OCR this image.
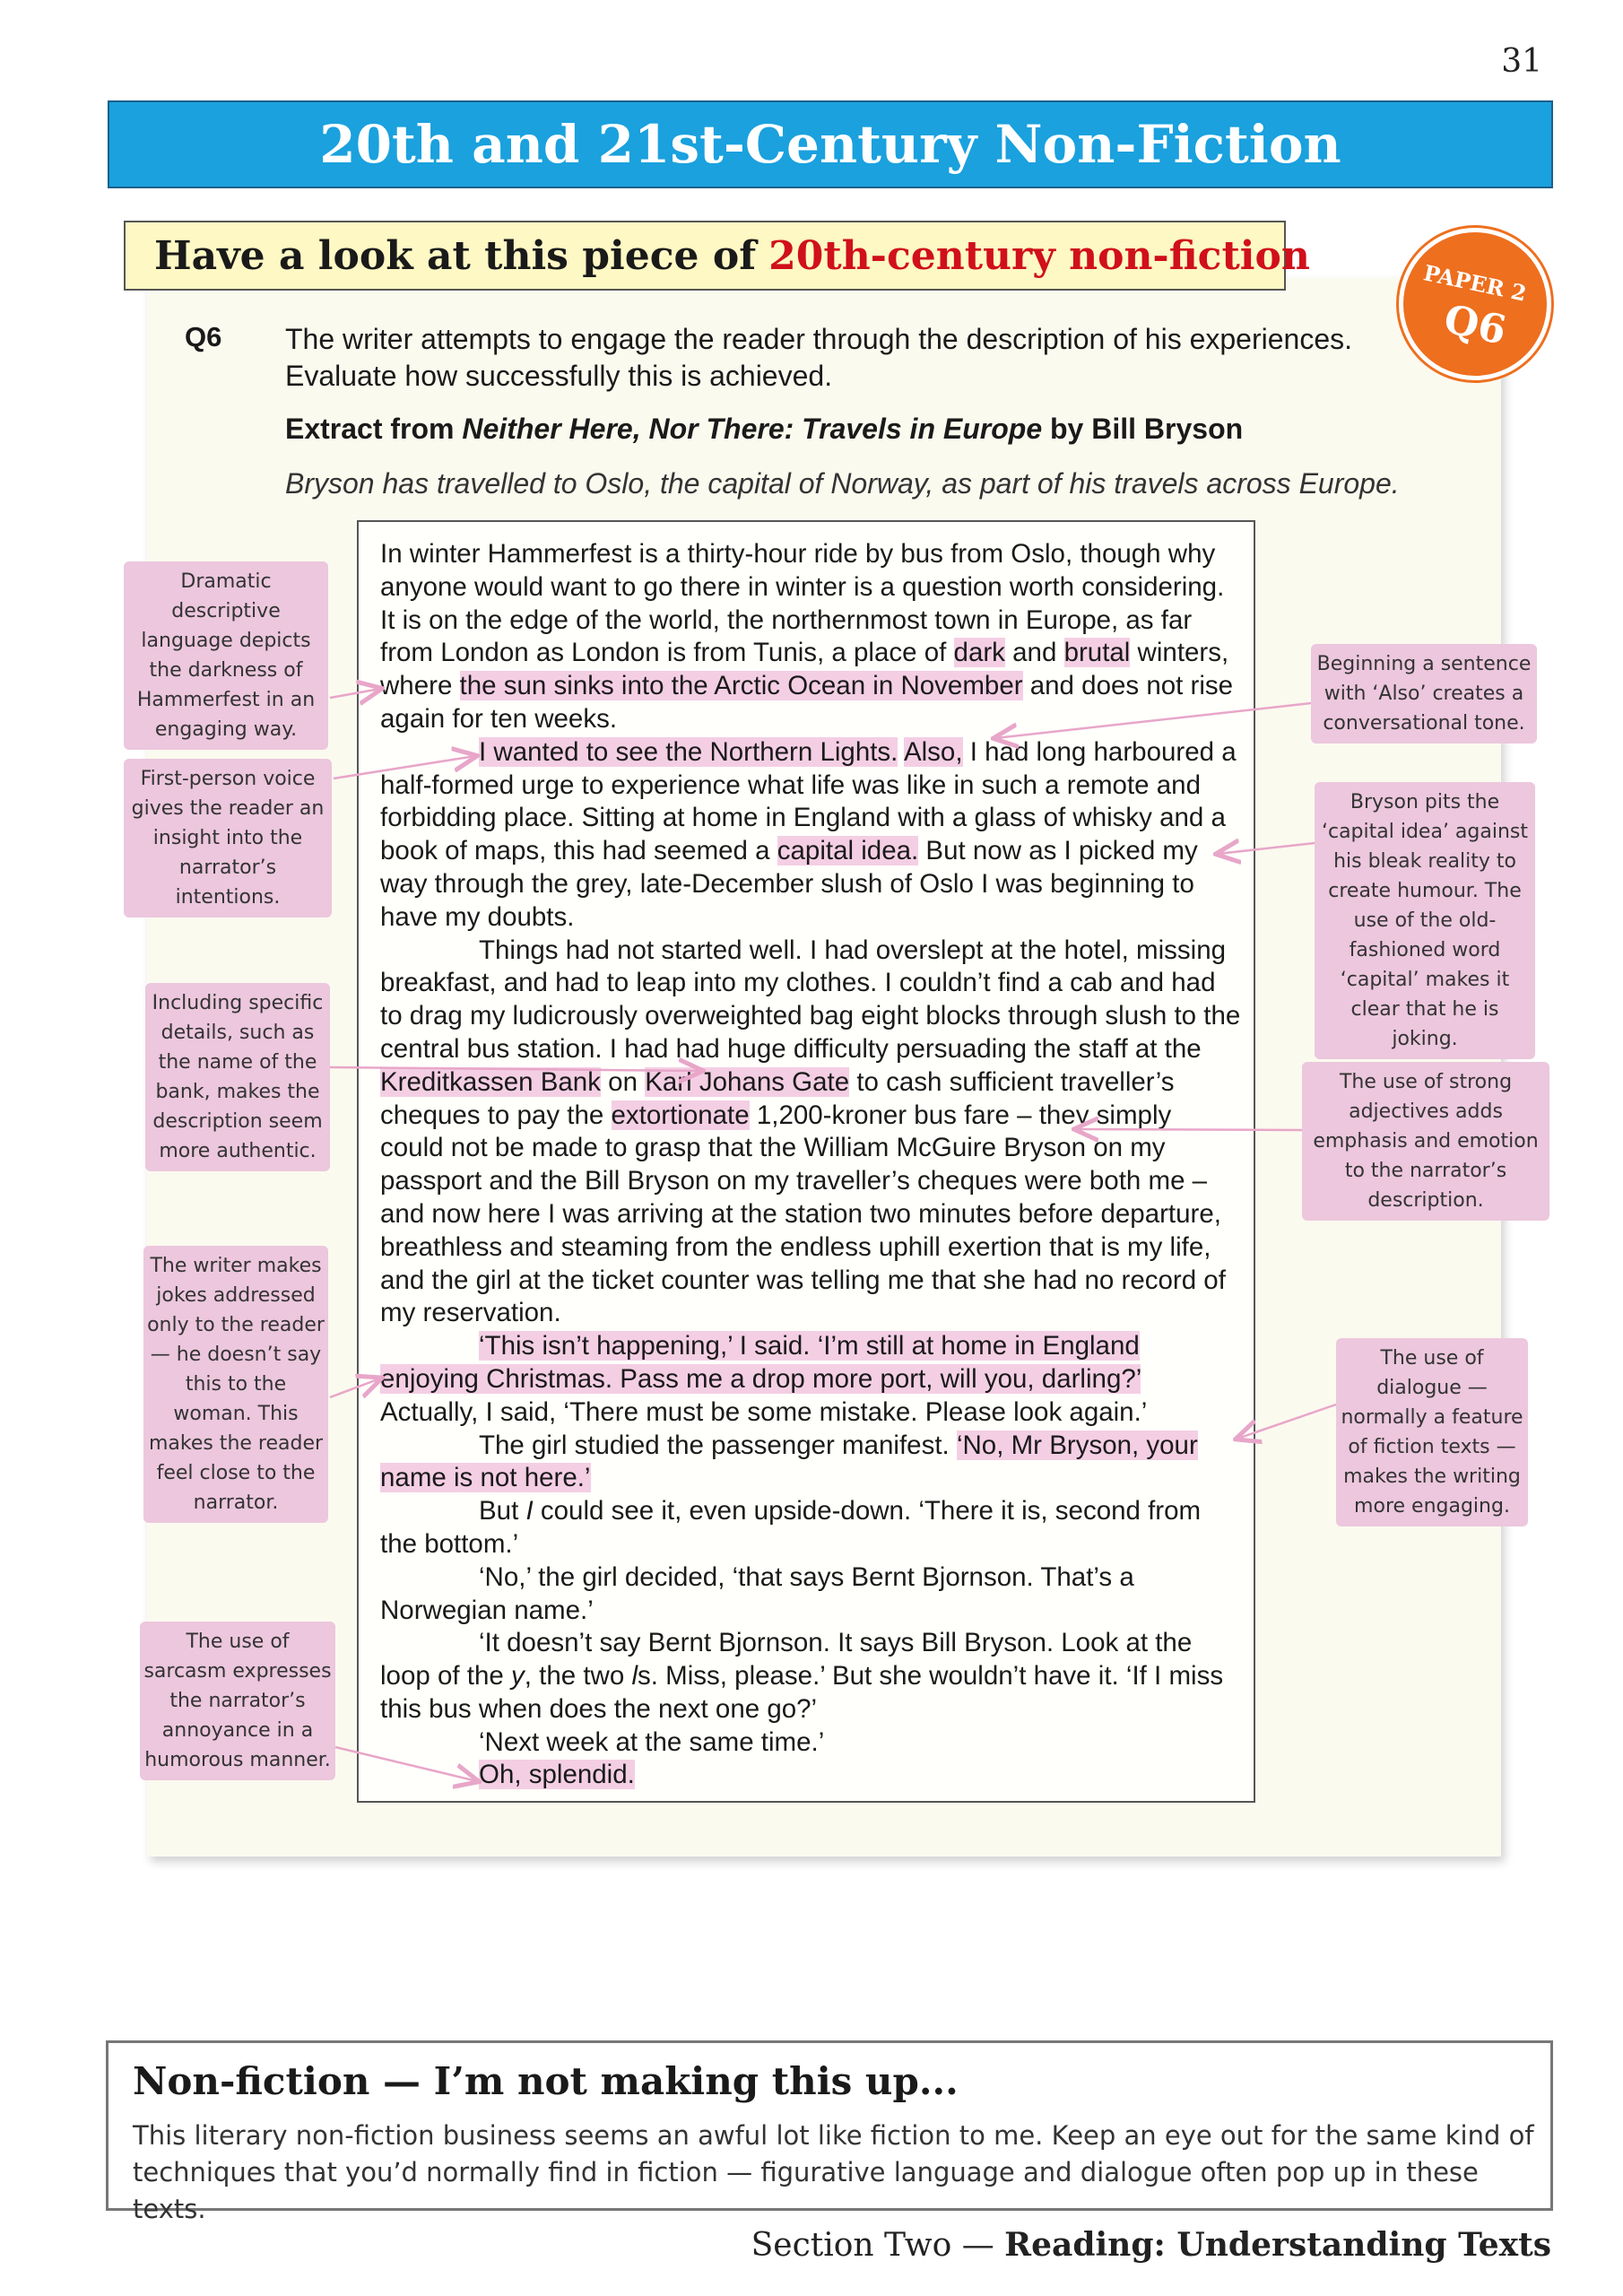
31
20th and 21st-Century Non-Fiction
Have a look at this piece of 20th-century non-fiction
PAPER 2
Q6
Q6 The writer attempts to engage the reader through the description of his experiences. Evaluate how successfully this is achieved.
Extract from Neither Here, Nor There: Travels in Europe by Bill Bryson
Bryson has travelled to Oslo, the capital of Norway, as part of his travels across Europe.

In winter Hammerfest is a thirty-hour ride by bus from Oslo, though why anyone would want to go there in winter is a question worth considering. It is on the edge of the world, the northernmost town in Europe, as far from London as London is from Tunis, a place of dark and brutal winters, where the sun sinks into the Arctic Ocean in November and does not rise again for ten weeks.

I wanted to see the Northern Lights. Also, I had long harboured a half-formed urge to experience what life was like in such a remote and forbidding place. Sitting at home in England with a glass of whisky and a book of maps, this had seemed a capital idea. But now as I picked my way through the grey, late-December slush of Oslo I was beginning to have my doubts.

Things had not started well. I had overslept at the hotel, missing breakfast, and had to leap into my clothes. I couldn’t find a cab and had to drag my ludicrously overweighted bag eight blocks through slush to the central bus station. I had had huge difficulty persuading the staff at the Kreditkassen Bank on Karl Johans Gate to cash sufficient traveller’s cheques to pay the extortionate 1,200-kroner bus fare – they simply could not be made to grasp that the William McGuire Bryson on my passport and the Bill Bryson on my traveller’s cheques were both me – and now here I was arriving at the station two minutes before departure, breathless and steaming from the endless uphill exertion that is my life, and the girl at the ticket counter was telling me that she had no record of my reservation.

‘This isn’t happening,’ I said. ‘I’m still at home in England enjoying Christmas. Pass me a drop more port, will you, darling?’ Actually, I said, ‘There must be some mistake. Please look again.’

The girl studied the passenger manifest. ‘No, Mr Bryson, your name is not here.’

But I could see it, even upside-down. ‘There it is, second from the bottom.’

‘No,’ the girl decided, ‘that says Bernt Bjornson. That’s a Norwegian name.’

‘It doesn’t say Bernt Bjornson. It says Bill Bryson. Look at the loop of the y, the two ls. Miss, please.’ But she wouldn’t have it. ‘If I miss this bus when does the next one go?’

‘Next week at the same time.’

Oh, splendid.

Dramatic descriptive language depicts the darkness of Hammerfest in an engaging way.
First-person voice gives the reader an insight into the narrator’s intentions.
Including specific details, such as the name of the bank, makes the description seem more authentic.
The writer makes jokes addressed only to the reader — he doesn’t say this to the woman. This makes the reader feel close to the narrator.
The use of sarcasm expresses the narrator’s annoyance in a humorous manner.
Beginning a sentence with ‘Also’ creates a conversational tone.
Bryson pits the ‘capital idea’ against his bleak reality to create humour. The use of the old-fashioned word ‘capital’ makes it clear that he is joking.
The use of strong adjectives adds emphasis and emotion to the narrator’s description.
The use of dialogue — normally a feature of fiction texts — makes the writing more engaging.
Non-fiction — I’m not making this up...
This literary non-fiction business seems an awful lot like fiction to me. Keep an eye out for the same kind of techniques that you’d normally find in fiction — figurative language and dialogue often pop up in these texts.
Section Two — Reading: Understanding Texts
